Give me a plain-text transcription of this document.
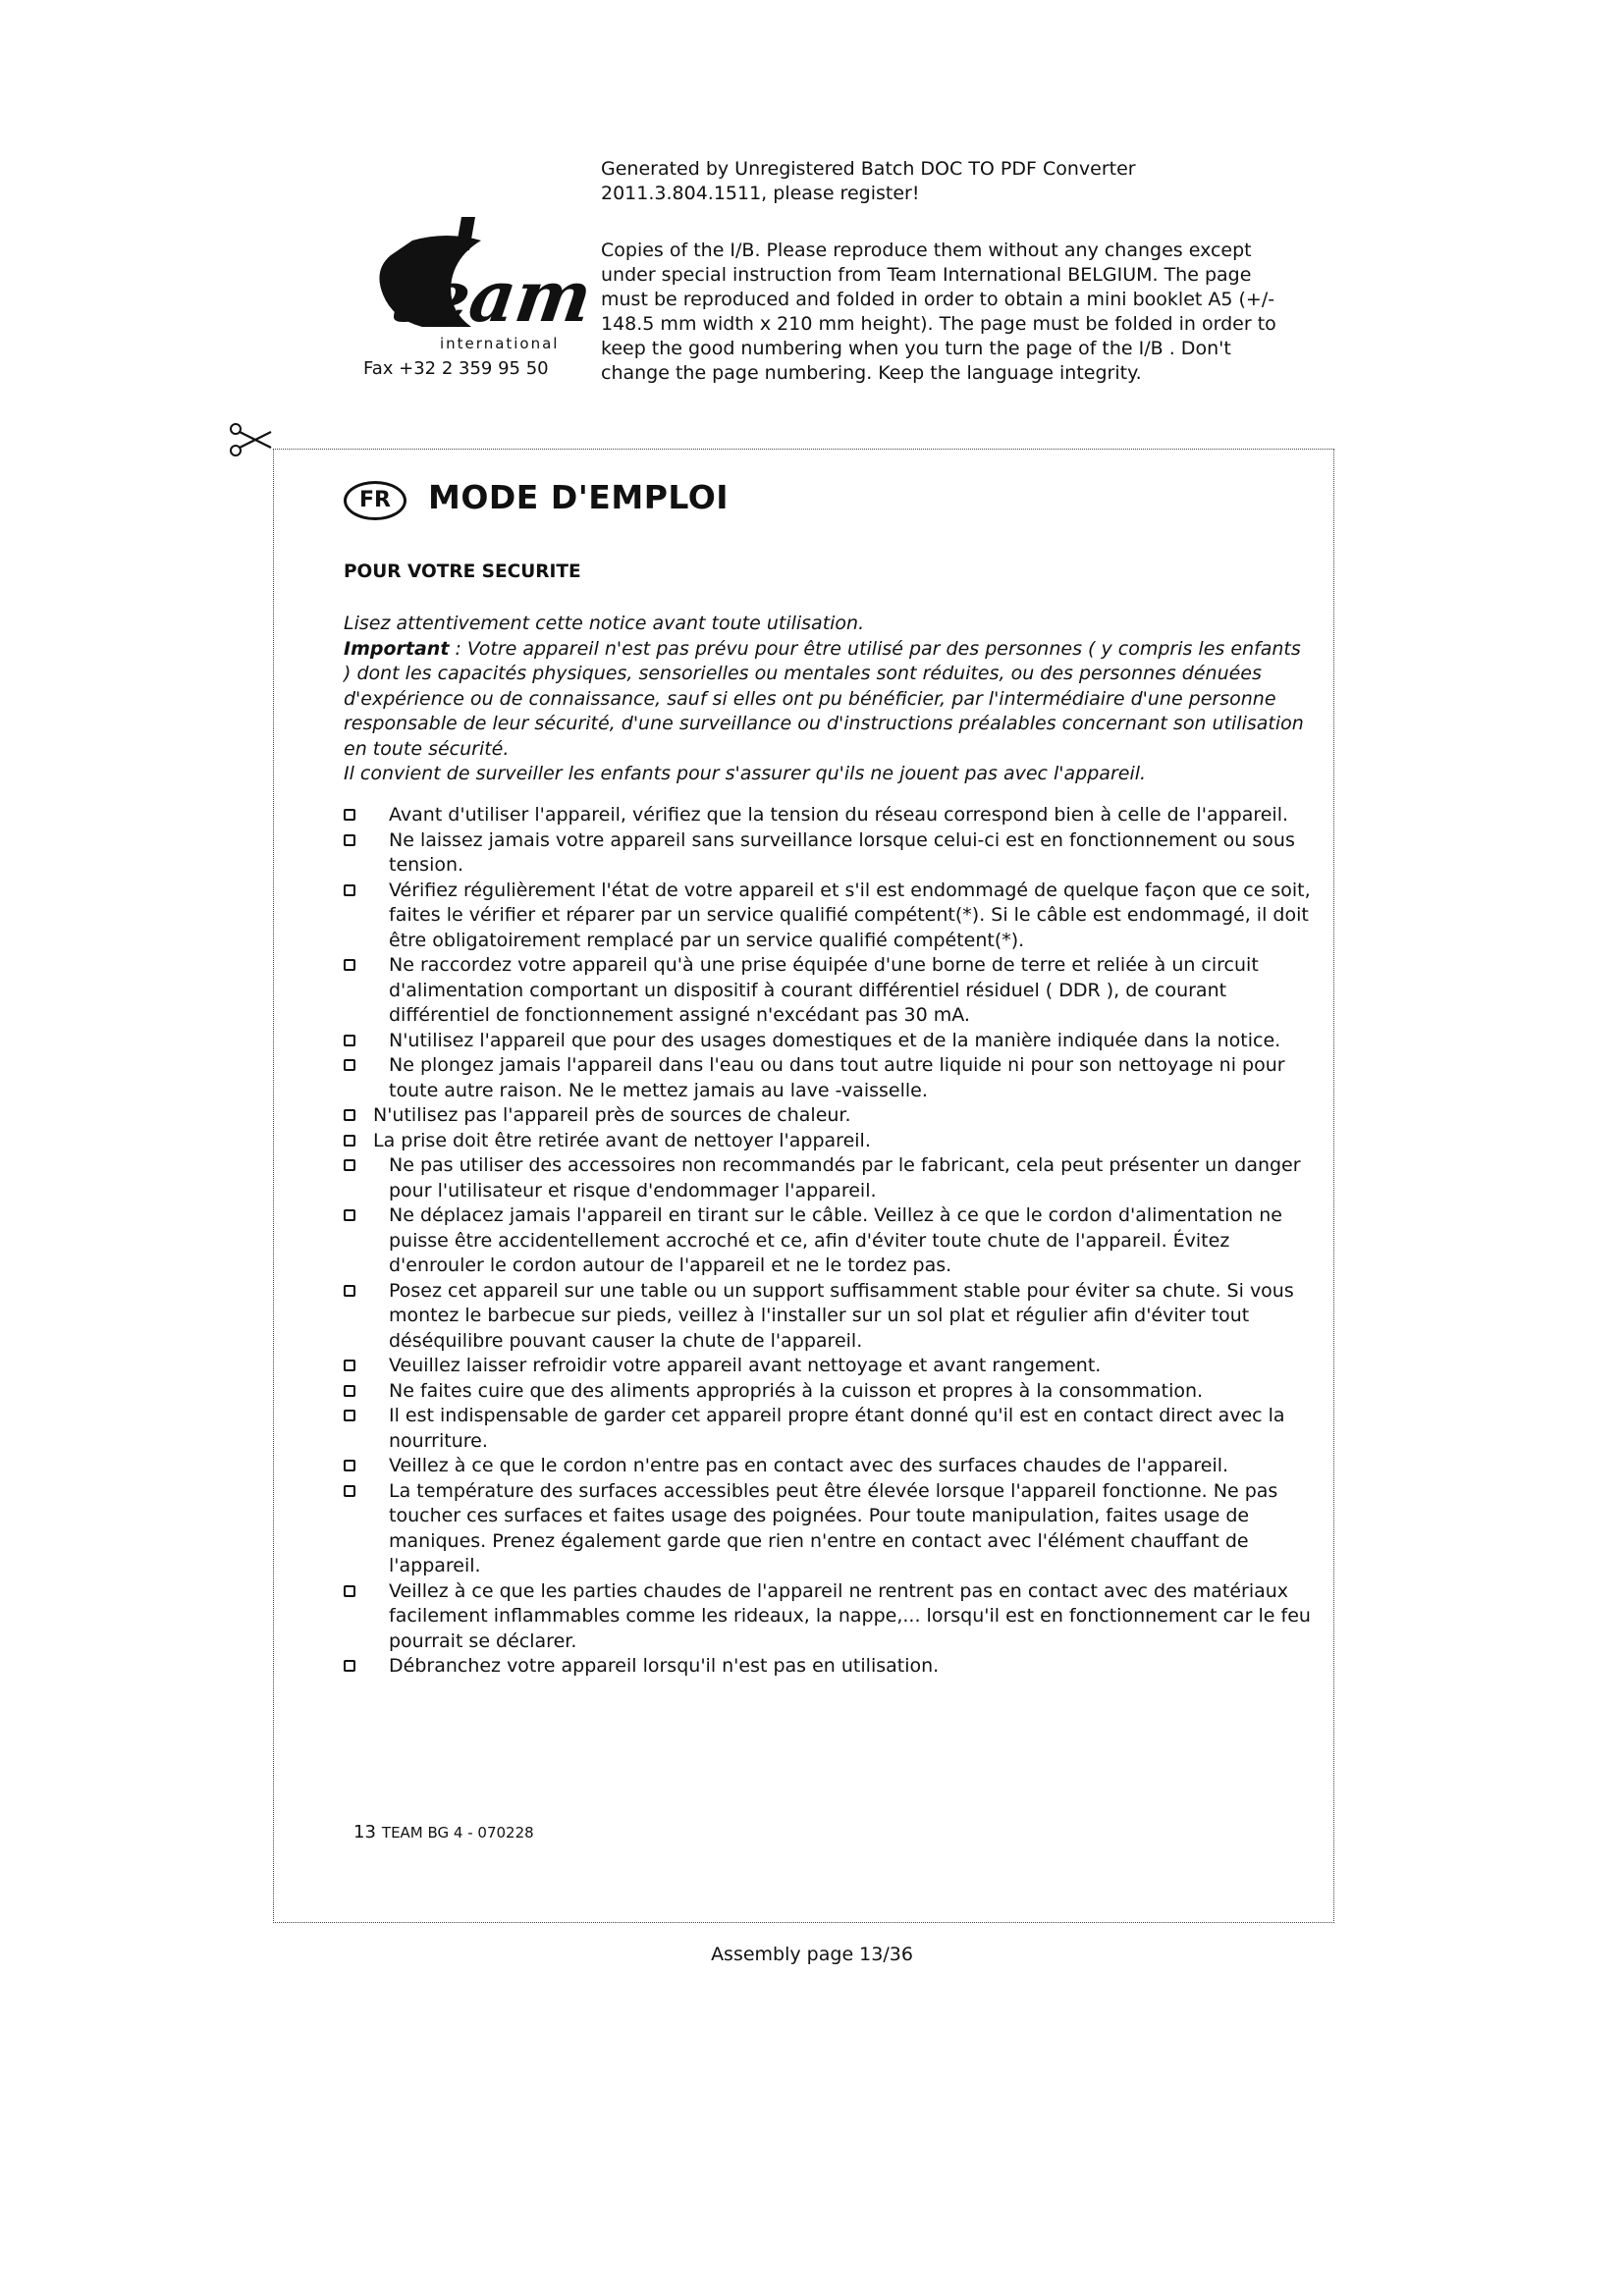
team
international
Fax +32 2 359 95 50
Generated by Unregistered Batch DOC TO PDF Converter
2011.3.804.1511, please register!
Copies of the I/B. Please reproduce them without any changes except under special instruction from Team International BELGIUM. The page must be reproduced and folded in order to obtain a mini booklet A5 (+/- 148.5 mm width x 210 mm height). The page must be folded in order to keep the good numbering when you turn the page of the I/B . Don't change the page numbering. Keep the language integrity.
FR	MODE D'EMPLOI
POUR VOTRE SECURITE

Lisez attentivement cette notice avant toute utilisation.

Important : Votre appareil n'est pas prévu pour être utilisé par des personnes ( y compris les enfants ) dont les capacités physiques, sensorielles ou mentales sont réduites, ou des personnes dénuées d'expérience ou de connaissance, sauf si elles ont pu bénéficier, par l'intermédiaire d'une personne responsable de leur sécurité, d'une surveillance ou d'instructions préalables concernant son utilisation en toute sécurité.

Il convient de surveiller les enfants pour s'assurer qu'ils ne jouent pas avec l'appareil.

Avant d'utiliser l'appareil, vérifiez que la tension du réseau correspond bien à celle de l'appareil.
Ne laissez jamais votre appareil sans surveillance lorsque celui-ci est en fonctionnement ou sous tension.
Vérifiez régulièrement l'état de votre appareil et s'il est endommagé de quelque façon que ce soit, faites le vérifier et réparer par un service qualifié compétent(*). Si le câble est endommagé, il doit être obligatoirement remplacé par un service qualifié compétent(*).
Ne raccordez votre appareil qu'à une prise équipée d'une borne de terre et reliée à un circuit d'alimentation comportant un dispositif à courant différentiel résiduel ( DDR ), de courant différentiel de fonctionnement assigné n'excédant pas 30 mA.
N'utilisez l'appareil que pour des usages domestiques et de la manière indiquée dans la notice.
Ne plongez jamais l'appareil dans l'eau ou dans tout autre liquide ni pour son nettoyage ni pour toute autre raison. Ne le mettez jamais au lave -vaisselle.
N'utilisez pas l'appareil près de sources de chaleur.
La prise doit être retirée avant de nettoyer l'appareil.
Ne pas utiliser des accessoires non recommandés par le fabricant, cela peut présenter un danger pour l'utilisateur et risque d'endommager l'appareil.
Ne déplacez jamais l'appareil en tirant sur le câble. Veillez à ce que le cordon d'alimentation ne puisse être accidentellement accroché et ce, afin d'éviter toute chute de l'appareil. Évitez d'enrouler le cordon autour de l'appareil et ne le tordez pas.
Posez cet appareil sur une table ou un support suffisamment stable pour éviter sa chute. Si vous montez le barbecue sur pieds, veillez à l'installer sur un sol plat et régulier afin d'éviter tout déséquilibre pouvant causer la chute de l'appareil.
Veuillez laisser refroidir votre appareil avant nettoyage et avant rangement.
Ne faites cuire que des aliments appropriés à la cuisson et propres à la consommation.
Il est indispensable de garder cet appareil propre étant donné qu'il est en contact direct avec la nourriture.
Veillez à ce que le cordon n'entre pas en contact avec des surfaces chaudes de l'appareil.
La température des surfaces accessibles peut être élevée lorsque l'appareil fonctionne. Ne pas toucher ces surfaces et faites usage des poignées. Pour toute manipulation, faites usage de maniques. Prenez également garde que rien n'entre en contact avec l'élément chauffant de l'appareil.
Veillez à ce que les parties chaudes de l'appareil ne rentrent pas en contact avec des matériaux facilement inflammables comme les rideaux, la nappe,... lorsqu'il est en fonctionnement car le feu pourrait se déclarer.
Débranchez votre appareil lorsqu'il n'est pas en utilisation.
13 TEAM BG 4 - 070228
Assembly page 13/36
